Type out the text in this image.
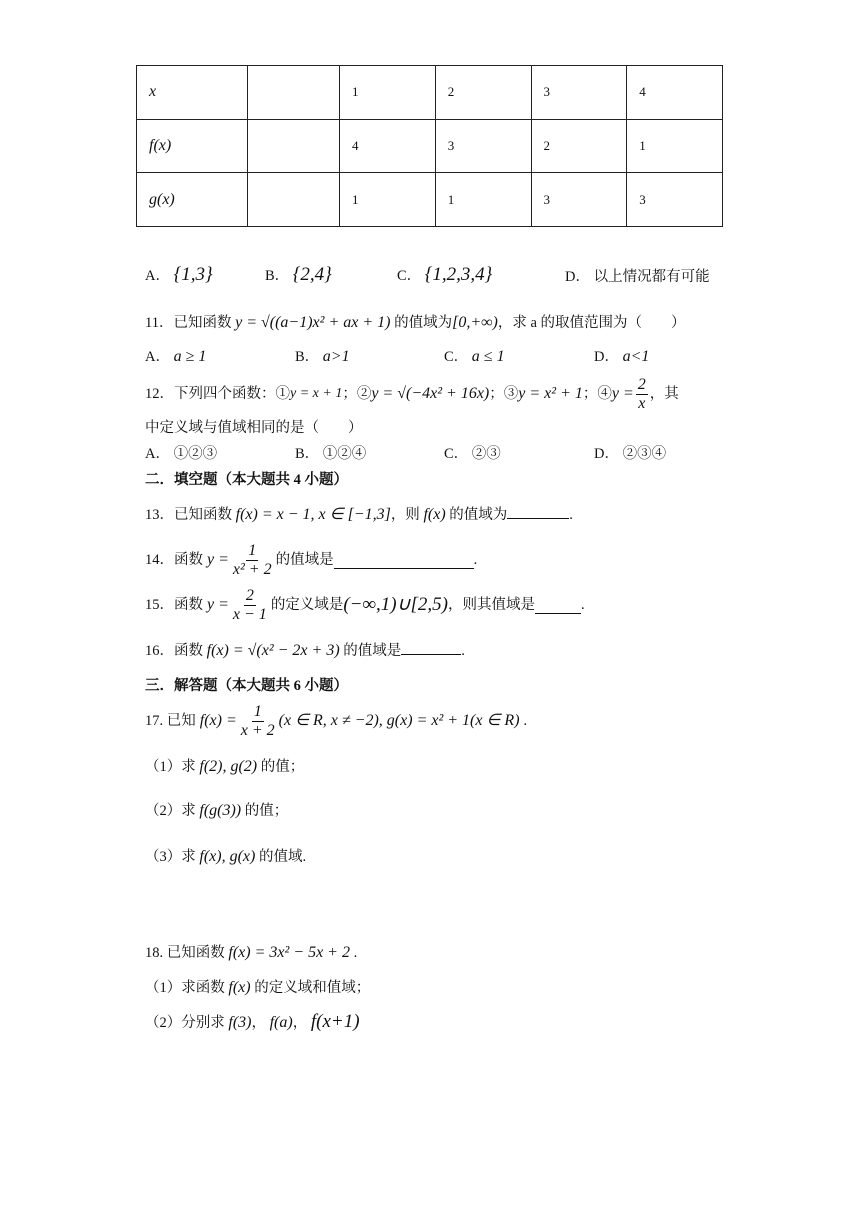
x		1	2	3	4
f(x)		4	3	2	1
g(x)		1	1	3	3
A． {1,3}	B． {2,4}	C． {1,2,3,4}	D． 以上情况都有可能
11．已知函数 y = √((a−1)x² + ax + 1) 的值域为[0,+∞)，求 a 的取值范围为（　　）
A． a ≥ 1	B． a>1	C． a ≤ 1	D． a<1
12．下列四个函数：① y = x + 1 ；② y = √(−4x² + 16x) ；③ y = x² + 1 ；④ $y = \frac{2}{x}$ ，其
中定义域与值域相同的是（　　）
A． ①②③	B． ①②④	C． ②③	D． ②③④
二．填空题（本大题共 4 小题）
13．已知函数 f(x) = x − 1, x ∈ [−1,3]，则 f(x) 的值域为	.
14．函数 $y = \frac{1}{\text{x² + 2}}$ 的值域是	.
15．函数 $y = \frac{2}{x - 1}$ 的定义域是 (−∞,1)∪[2,5) ，则其值域是	.
16．函数 f(x) = √(x² − 2x + 3) 的值域是	.
三．解答题（本大题共 6 小题）
17. 已知 $f(x) = \frac{1}{x + 2} (x$ ∈ R, x ≠ −2), g(x) = x² + 1(x ∈ R) .
（1）求 f(2), g(2) 的值；
（2）求 f(g(3)) 的值；
（3）求 f(x), g(x) 的值域.
18. 已知函数 f(x) = 3x² − 5x + 2 .
（1）求函数 f(x) 的定义域和值域；
（2）分别求 f(3)， f(a)， f(x+1)
